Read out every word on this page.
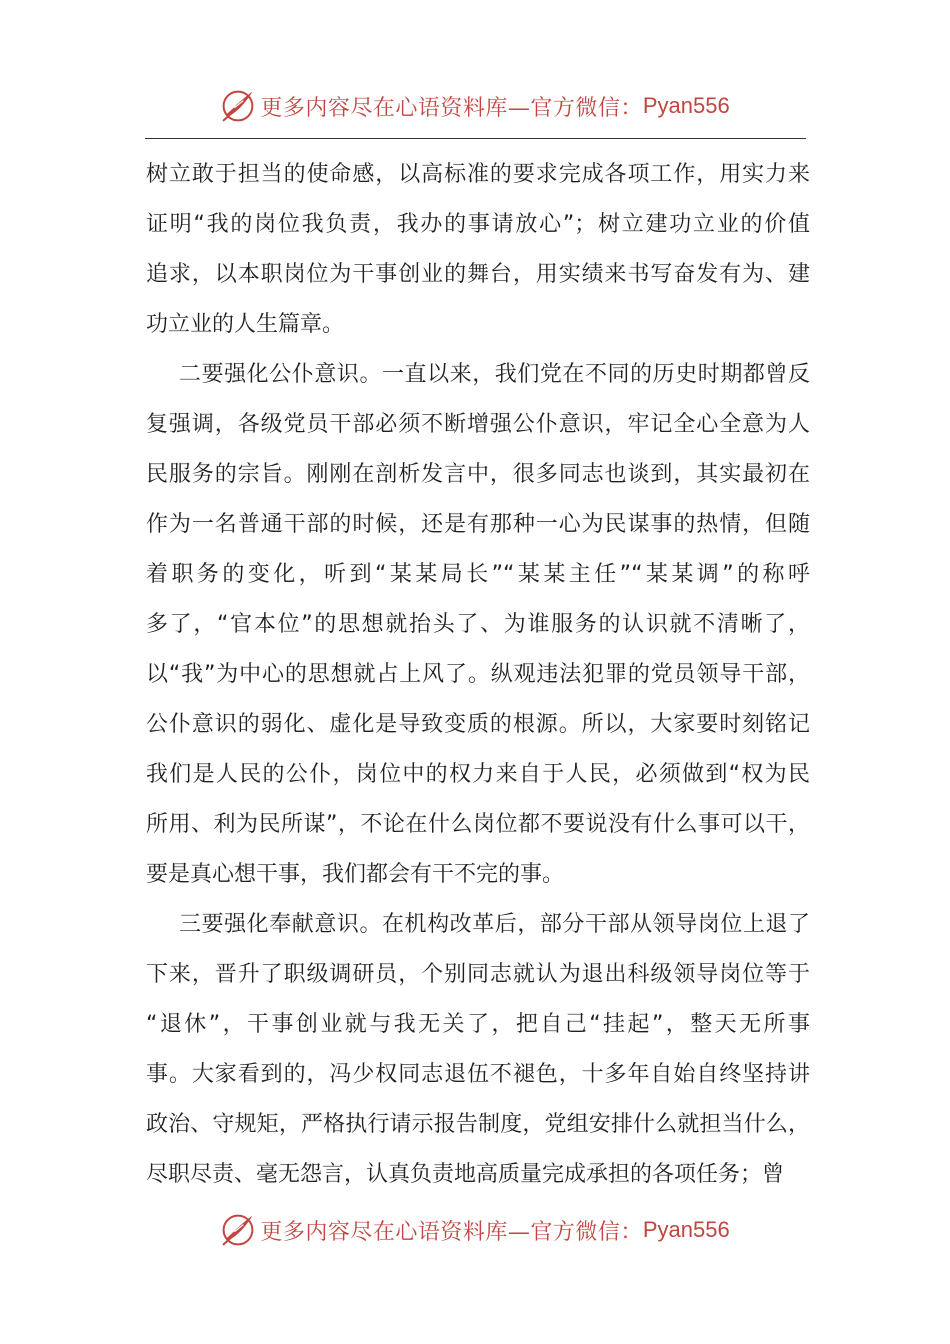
更多内容尽在心语资料库—官方微信： Pyan556
树立敢于担当的使命感，以高标准的要求完成各项工作，用实力来
证明“我的岗位我负责，我办的事请放心”；树立建功立业的价值
追求，以本职岗位为干事创业的舞台，用实绩来书写奋发有为、建
功立业的人生篇章。
二要强化公仆意识。一直以来，我们党在不同的历史时期都曾反
复强调，各级党员干部必须不断增强公仆意识，牢记全心全意为人
民服务的宗旨。刚刚在剖析发言中，很多同志也谈到，其实最初在
作为一名普通干部的时候，还是有那种一心为民谋事的热情，但随
着职务的变化，听到“某某局长”“某某主任”“某某调”的称呼
多了，“官本位”的思想就抬头了、为谁服务的认识就不清晰了，
以“我”为中心的思想就占上风了。纵观违法犯罪的党员领导干部，
公仆意识的弱化、虚化是导致变质的根源。所以，大家要时刻铭记
我们是人民的公仆，岗位中的权力来自于人民，必须做到“权为民
所用、利为民所谋”，不论在什么岗位都不要说没有什么事可以干，
要是真心想干事，我们都会有干不完的事。
三要强化奉献意识。在机构改革后，部分干部从领导岗位上退了
下来，晋升了职级调研员，个别同志就认为退出科级领导岗位等于
“退休”，干事创业就与我无关了，把自己“挂起”，整天无所事
事。大家看到的，冯少权同志退伍不褪色，十多年自始自终坚持讲
政治、守规矩，严格执行请示报告制度，党组安排什么就担当什么，
尽职尽责、毫无怨言，认真负责地高质量完成承担的各项任务；曾
更多内容尽在心语资料库—官方微信： Pyan556
